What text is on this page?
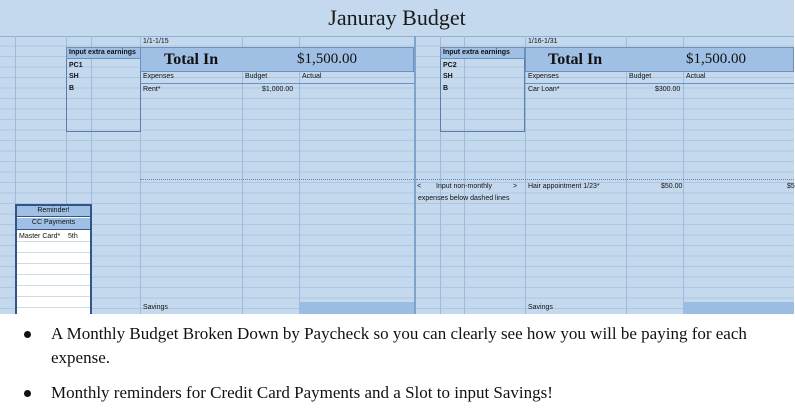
Januray Budget
1/1-1/15
Input extra earnings
PC1
SH
B
Total In	$1,500.00
Expenses	Budget	Actual
Rent*	$1,000.00
Savings
< Input non-monthly	>
expenses below dashed lines
1/16-1/31
Input extra earnings
PC2
SH
B
Total In	$1,500.00
Expenses	Budget	Actual
Car Loan*	$300.00
Hair appointment 1/23*	$50.00	$5
Savings
Reminder!
CC Payments
Master Card* 5th
A Monthly Budget Broken Down by Paycheck so you can clearly see how you will be paying for each expense.
Monthly reminders for Credit Card Payments and a Slot to input Savings!
